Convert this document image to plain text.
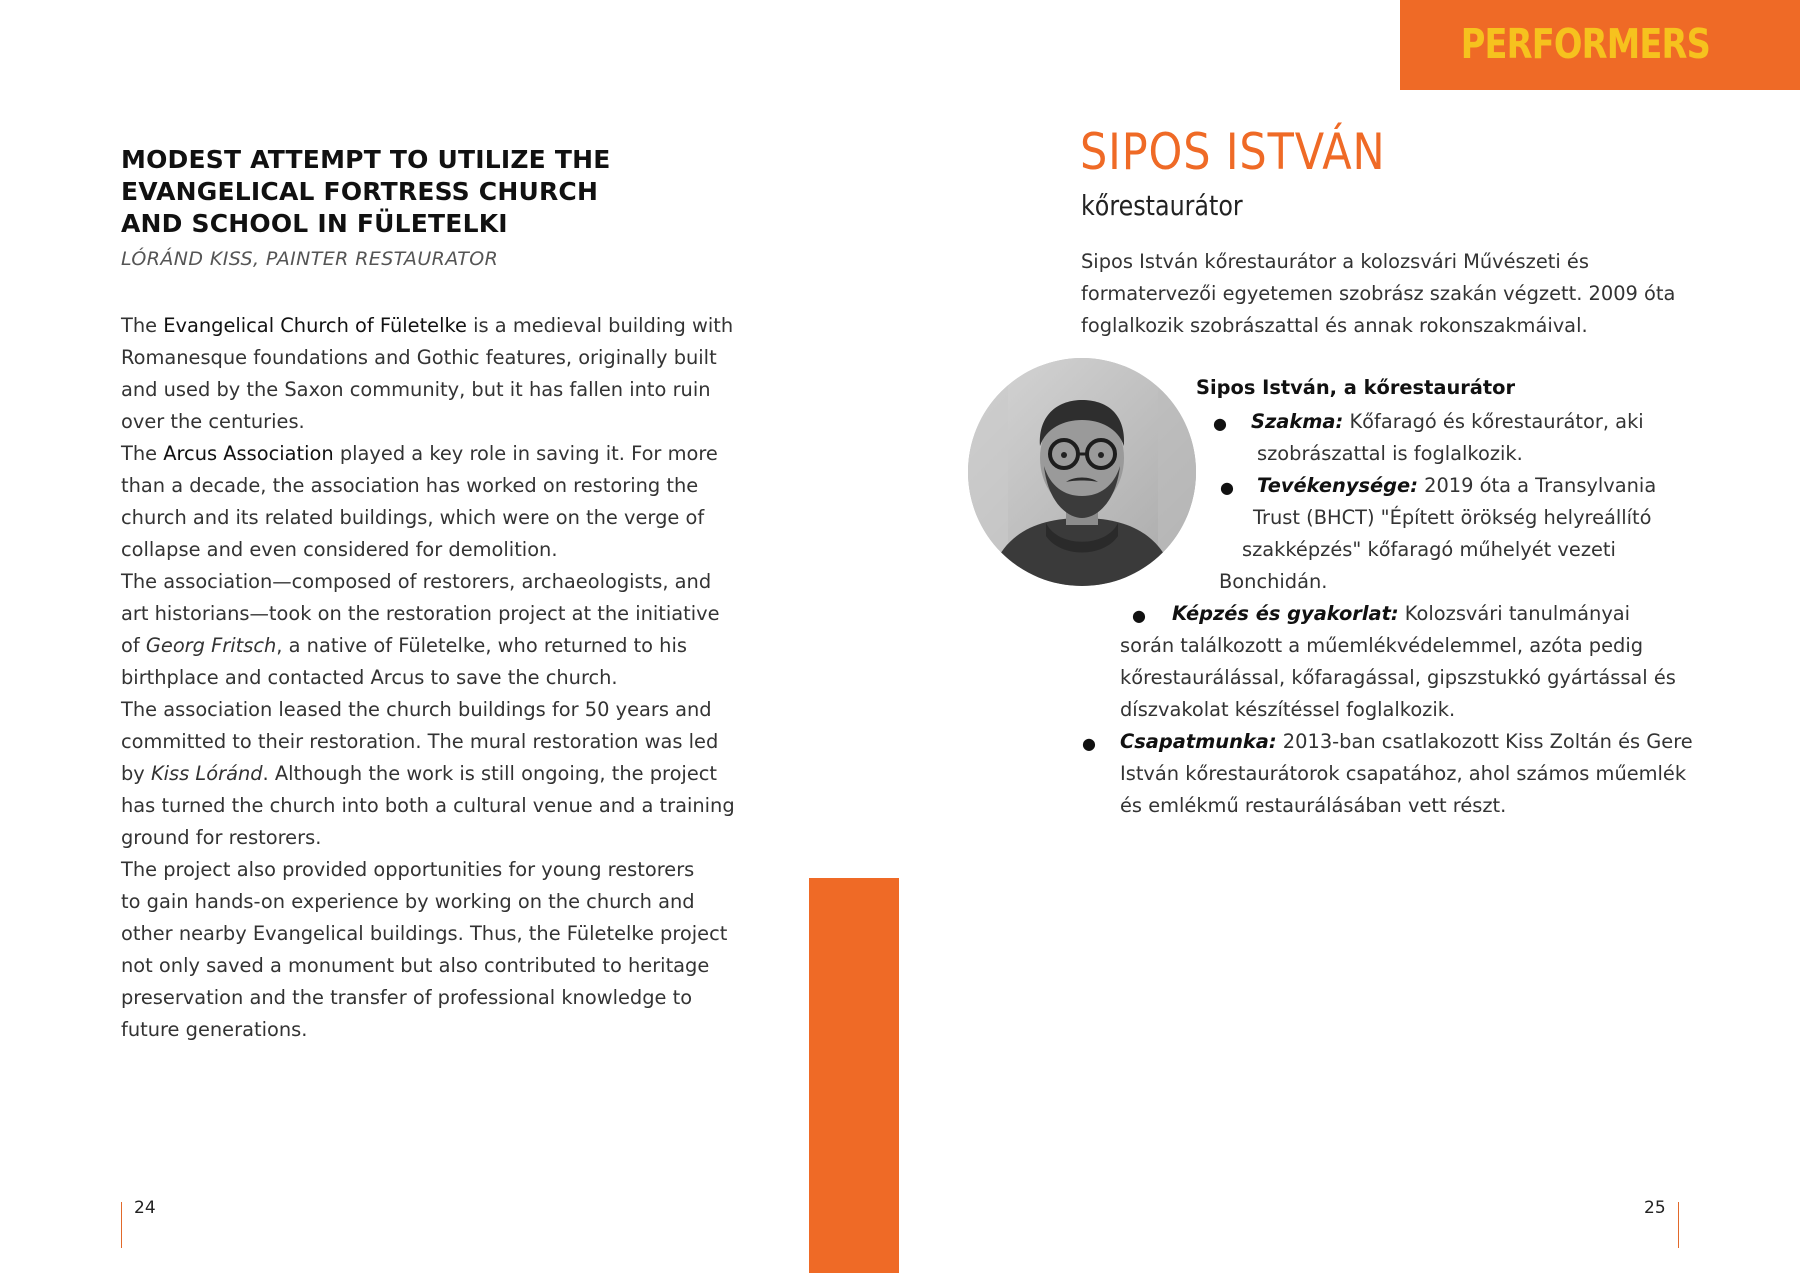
MODEST ATTEMPT TO UTILIZE THE
EVANGELICAL FORTRESS CHURCH
AND SCHOOL IN FÜLETELKI
LÓRÁND KISS, PAINTER RESTAURATOR
The Evangelical Church of Fületelke is a medieval building with
Romanesque foundations and Gothic features, originally built
and used by the Saxon community, but it has fallen into ruin
over the centuries.
The Arcus Association played a key role in saving it. For more
than a decade, the association has worked on restoring the
church and its related buildings, which were on the verge of
collapse and even considered for demolition.
The association—composed of restorers, archaeologists, and
art historians—took on the restoration project at the initiative
of Georg Fritsch, a native of Fületelke, who returned to his
birthplace and contacted Arcus to save the church.
The association leased the church buildings for 50 years and
committed to their restoration. The mural restoration was led
by Kiss Lóránd. Although the work is still ongoing, the project
has turned the church into both a cultural venue and a training
ground for restorers.
The project also provided opportunities for young restorers
to gain hands-on experience by working on the church and
other nearby Evangelical buildings. Thus, the Fületelke project
not only saved a monument but also contributed to heritage
preservation and the transfer of professional knowledge to
future generations.
24
PERFORMERS
SIPOS ISTVÁN
kőrestaurátor
Sipos István kőrestaurátor a kolozsvári Művészeti és
formatervezői egyetemen szobrász szakán végzett. 2009 óta
foglalkozik szobrászattal és annak rokonszakmáival.
Sipos István, a kőrestaurátor
● Szakma: Kőfaragó és kőrestaurátor, aki
szobrászattal is foglalkozik.
● Tevékenysége: 2019 óta a Transylvania
Trust (BHCT) "Épített örökség helyreállító
szakképzés" kőfaragó műhelyét vezeti
Bonchidán.
● Képzés és gyakorlat: Kolozsvári tanulmányai
során találkozott a műemlékvédelemmel, azóta pedig
kőrestaurálással, kőfaragással, gipszstukkó gyártással és
díszvakolat készítéssel foglalkozik.
● Csapatmunka: 2013-ban csatlakozott Kiss Zoltán és Gere
István kőrestaurátorok csapatához, ahol számos műemlék
és emlékmű restaurálásában vett részt.
25
